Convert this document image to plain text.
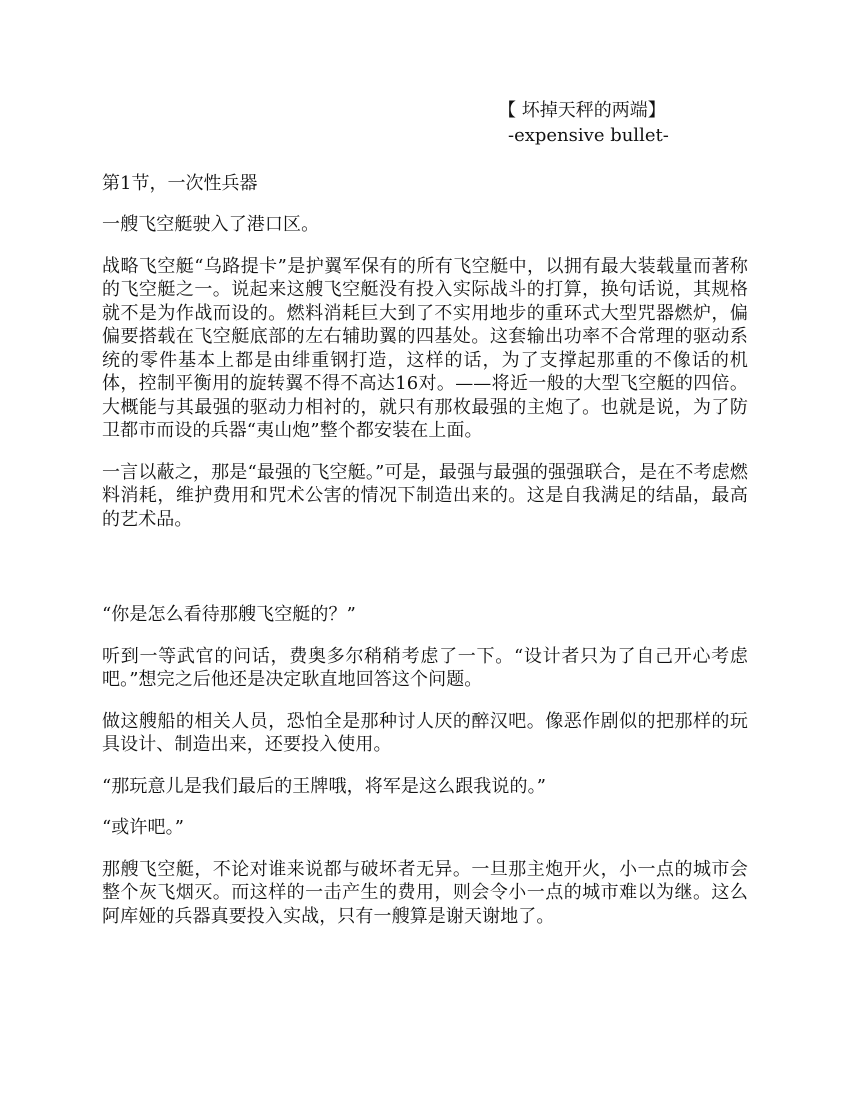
【 坏掉天秤的两端】
-expensive bullet-
第1节，一次性兵器

一艘飞空艇驶入了港口区。

战略飞空艇“乌路提卡”是护翼军保有的所有飞空艇中，以拥有最大装载量而著称的飞空艇之一。说起来这艘飞空艇没有投入实际战斗的打算，换句话说，其规格就不是为作战而设的。燃料消耗巨大到了不实用地步的重环式大型咒器燃炉，偏偏要搭载在飞空艇底部的左右辅助翼的四基处。这套输出功率不合常理的驱动系统的零件基本上都是由绯重钢打造，这样的话，为了支撑起那重的不像话的机体，控制平衡用的旋转翼不得不高达16对。——将近一般的大型飞空艇的四倍。大概能与其最强的驱动力相衬的，就只有那枚最强的主炮了。也就是说，为了防卫都市而设的兵器“夷山炮”整个都安装在上面。

一言以蔽之，那是“最强的飞空艇。”可是，最强与最强的强强联合，是在不考虑燃料消耗，维护费用和咒术公害的情况下制造出来的。这是自我满足的结晶，最高的艺术品。

“你是怎么看待那艘飞空艇的？”

听到一等武官的问话，费奥多尔稍稍考虑了一下。“设计者只为了自己开心考虑吧。”想完之后他还是决定耿直地回答这个问题。

做这艘船的相关人员，恐怕全是那种讨人厌的醉汉吧。像恶作剧似的把那样的玩具设计、制造出来，还要投入使用。

“那玩意儿是我们最后的王牌哦，将军是这么跟我说的。”

“或许吧。”

那艘飞空艇，不论对谁来说都与破坏者无异。一旦那主炮开火，小一点的城市会整个灰飞烟灭。而这样的一击产生的费用，则会令小一点的城市难以为继。这么阿库娅的兵器真要投入实战，只有一艘算是谢天谢地了。
